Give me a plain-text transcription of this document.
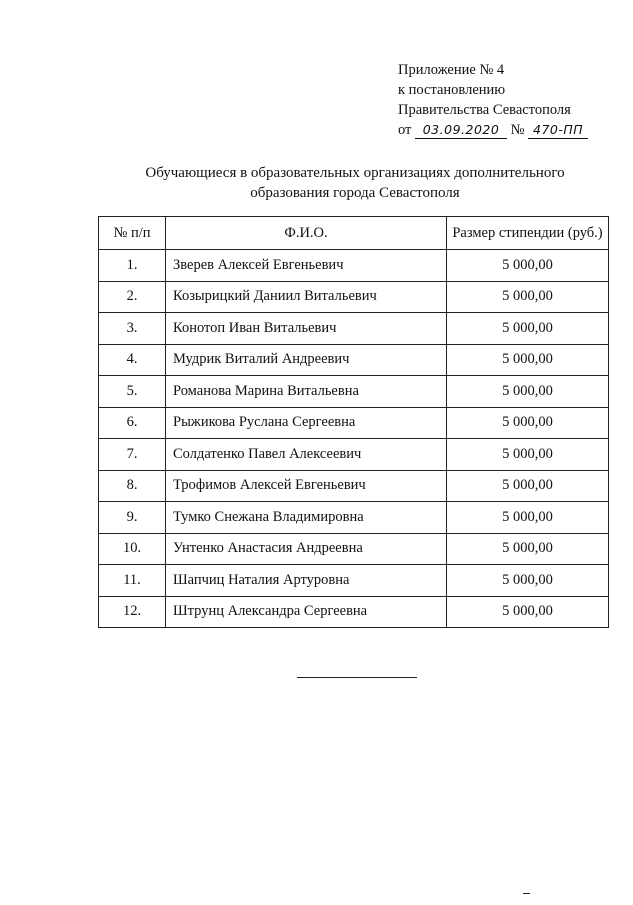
Приложение № 4
к постановлению
Правительства Севастополя
от 03.09.2020 № 470-ПП
Обучающиеся в образовательных организациях дополнительного
образования города Севастополя
№ п/п	Ф.И.О.	Размер стипендии (руб.)
1.	Зверев Алексей Евгеньевич	5 000,00
2.	Козырицкий Даниил Витальевич	5 000,00
3.	Конотоп Иван Витальевич	5 000,00
4.	Мудрик Виталий Андреевич	5 000,00
5.	Романова Марина Витальевна	5 000,00
6.	Рыжикова Руслана Сергеевна	5 000,00
7.	Солдатенко Павел Алексеевич	5 000,00
8.	Трофимов Алексей Евгеньевич	5 000,00
9.	Тумко Снежана Владимировна	5 000,00
10.	Унтенко Анастасия Андреевна	5 000,00
11.	Шапчиц Наталия Артуровна	5 000,00
12.	Штрунц Александра Сергеевна	5 000,00
